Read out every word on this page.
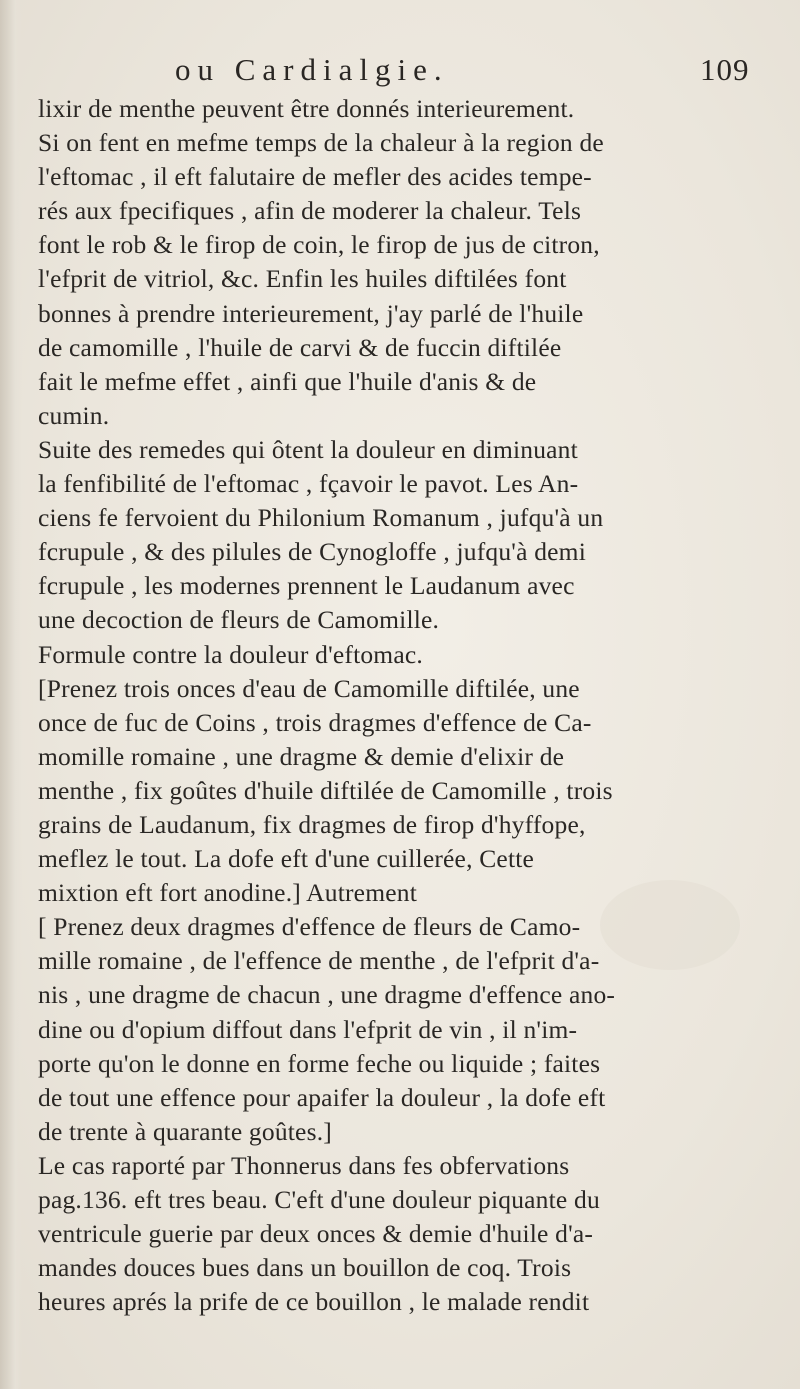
ou Cardialgie.	109
lixir de menthe peuvent être donnés interieurement.
Si on fent en mefme temps de la chaleur à la region de
l'eftomac , il eft falutaire de mefler des acides tempe-
rés aux fpecifiques , afin de moderer la chaleur. Tels
font le rob & le firop de coin, le firop de jus de citron,
l'efprit de vitriol, &c. Enfin les huiles diftilées font
bonnes à prendre interieurement, j'ay parlé de l'huile
de camomille , l'huile de carvi & de fuccin diftilée
fait le mefme effet , ainfi que l'huile d'anis & de
cumin.
Suite des remedes qui ôtent la douleur en diminuant
la fenfibilité de l'eftomac , fçavoir le pavot. Les An-
ciens fe fervoient du Philonium Romanum , jufqu'à un
fcrupule , & des pilules de Cynogloffe , jufqu'à demi
fcrupule , les modernes prennent le Laudanum avec
une decoction de fleurs de Camomille.
Formule contre la douleur d'eftomac.
[Prenez trois onces d'eau de Camomille diftilée, une
once de fuc de Coins , trois dragmes d'effence de Ca-
momille romaine , une dragme & demie d'elixir de
menthe , fix goûtes d'huile diftilée de Camomille , trois
grains de Laudanum, fix dragmes de firop d'hyffope,
meflez le tout. La dofe eft d'une cuillerée, Cette
mixtion eft fort anodine.] Autrement
[ Prenez deux dragmes d'effence de fleurs de Camo-
mille romaine , de l'effence de menthe , de l'efprit d'a-
nis , une dragme de chacun , une dragme d'effence ano-
dine ou d'opium diffout dans l'efprit de vin , il n'im-
porte qu'on le donne en forme feche ou liquide ; faites
de tout une effence pour apaifer la douleur , la dofe eft
de trente à quarante goûtes.]
Le cas raporté par Thonnerus dans fes obfervations
pag.136. eft tres beau. C'eft d'une douleur piquante du
ventricule guerie par deux onces & demie d'huile d'a-
mandes douces bues dans un bouillon de coq. Trois
heures aprés la prife de ce bouillon , le malade rendit
